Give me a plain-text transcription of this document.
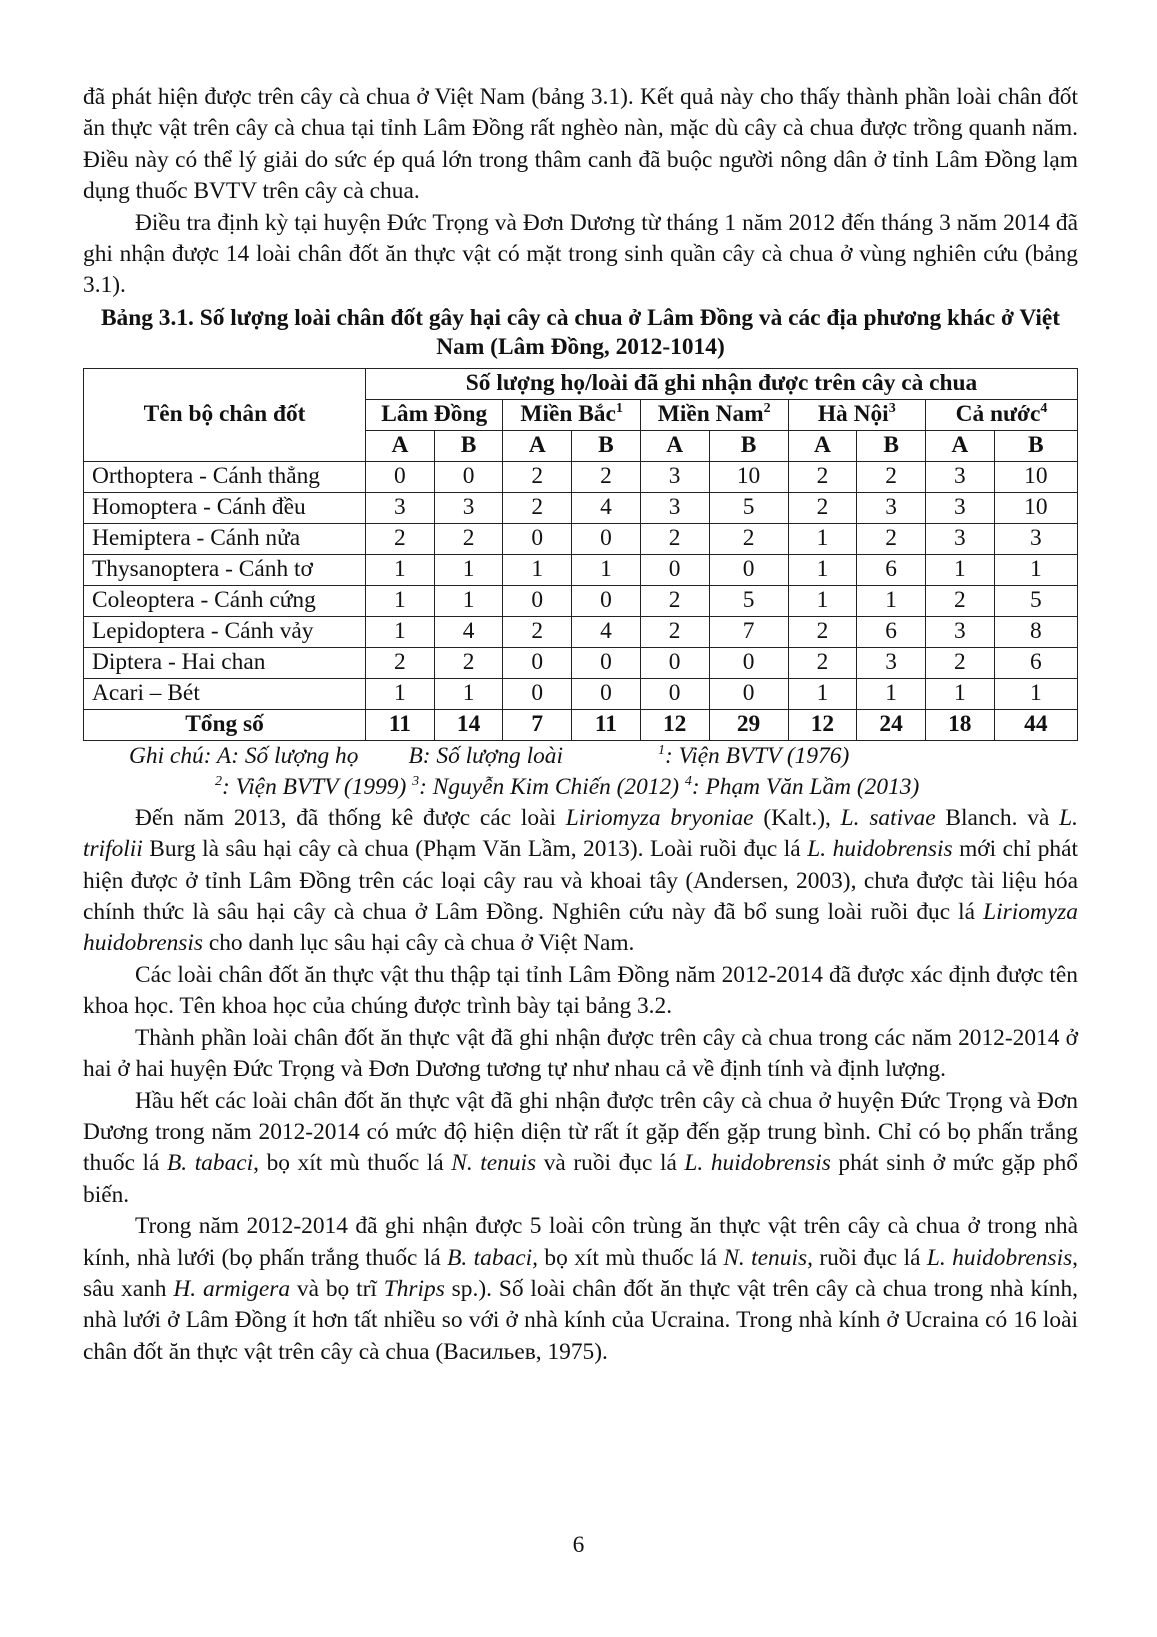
đã phát hiện được trên cây cà chua ở Việt Nam (bảng 3.1). Kết quả này cho thấy thành phần loài chân đốt ăn thực vật trên cây cà chua tại tỉnh Lâm Đồng rất nghèo nàn, mặc dù cây cà chua được trồng quanh năm. Điều này có thể lý giải do sức ép quá lớn trong thâm canh đã buộc người nông dân ở tỉnh Lâm Đồng lạm dụng thuốc BVTV trên cây cà chua.

Điều tra định kỳ tại huyện Đức Trọng và Đơn Dương từ tháng 1 năm 2012 đến tháng 3 năm 2014 đã ghi nhận được 14 loài chân đốt ăn thực vật có mặt trong sinh quần cây cà chua ở vùng nghiên cứu (bảng 3.1).

Bảng 3.1. Số lượng loài chân đốt gây hại cây cà chua ở Lâm Đồng và các địa phương khác ở Việt Nam (Lâm Đồng, 2012-1014)

Tên bộ chân đốt	Số lượng họ/loài đã ghi nhận được trên cây cà chua									
	Lâm Đồng		Miền Bắc$^1$		Miền Nam$^2$		Hà Nội$^3$		Cả nước$^4$
	A	B	A	B	A	B	A	B	A	B
Orthoptera - Cánh thẳng	0	0	2	2	3	10	2	2	3	10
Homoptera - Cánh đều	3	3	2	4	3	5	2	3	3	10
Hemiptera - Cánh nửa	2	2	0	0	2	2	1	2	3	3
Thysanoptera - Cánh tơ	1	1	1	1	0	0	1	6	1	1
Coleoptera - Cánh cứng	1	1	0	0	2	5	1	1	2	5
Lepidoptera - Cánh vảy	1	4	2	4	2	7	2	6	3	8
Diptera - Hai chan	2	2	0	0	0	0	2	3	2	6
Acari – Bét	1	1	0	0	0	0	1	1	1	1
Tổng số	11	14	7	11	12	29	12	24	18	44
Ghi chú: A: Số lượng họ B: Số lượng loài	$^1$: Viện BVTV (1976)
$^2$: Viện BVTV (1999) $^3$: Nguyễn Kim Chiến (2012) $^4$: Phạm Văn Lầm (2013)

Đến năm 2013, đã thống kê được các loài Liriomyza bryoniae (Kalt.), L. sativae Blanch. và L. trifolii Burg là sâu hại cây cà chua (Phạm Văn Lầm, 2013). Loài ruồi đục lá L. huidobrensis mới chỉ phát hiện được ở tỉnh Lâm Đồng trên các loại cây rau và khoai tây (Andersen, 2003), chưa được tài liệu hóa chính thức là sâu hại cây cà chua ở Lâm Đồng. Nghiên cứu này đã bổ sung loài ruồi đục lá Liriomyza huidobrensis cho danh lục sâu hại cây cà chua ở Việt Nam.

Các loài chân đốt ăn thực vật thu thập tại tỉnh Lâm Đồng năm 2012-2014 đã được xác định được tên khoa học. Tên khoa học của chúng được trình bày tại bảng 3.2.

Thành phần loài chân đốt ăn thực vật đã ghi nhận được trên cây cà chua trong các năm 2012-2014 ở hai ở hai huyện Đức Trọng và Đơn Dương tương tự như nhau cả về định tính và định lượng.

Hầu hết các loài chân đốt ăn thực vật đã ghi nhận được trên cây cà chua ở huyện Đức Trọng và Đơn Dương trong năm 2012-2014 có mức độ hiện diện từ rất ít gặp đến gặp trung bình. Chỉ có bọ phấn trắng thuốc lá B. tabaci, bọ xít mù thuốc lá N. tenuis và ruồi đục lá L. huidobrensis phát sinh ở mức gặp phổ biến.

Trong năm 2012-2014 đã ghi nhận được 5 loài côn trùng ăn thực vật trên cây cà chua ở trong nhà kính, nhà lưới (bọ phấn trắng thuốc lá B. tabaci, bọ xít mù thuốc lá N. tenuis, ruồi đục lá L. huidobrensis, sâu xanh H. armigera và bọ trĩ Thrips sp.). Số loài chân đốt ăn thực vật trên cây cà chua trong nhà kính, nhà lưới ở Lâm Đồng ít hơn tất nhiều so với ở nhà kính của Ucraina. Trong nhà kính ở Ucraina có 16 loài chân đốt ăn thực vật trên cây cà chua (Васильев, 1975).

6
